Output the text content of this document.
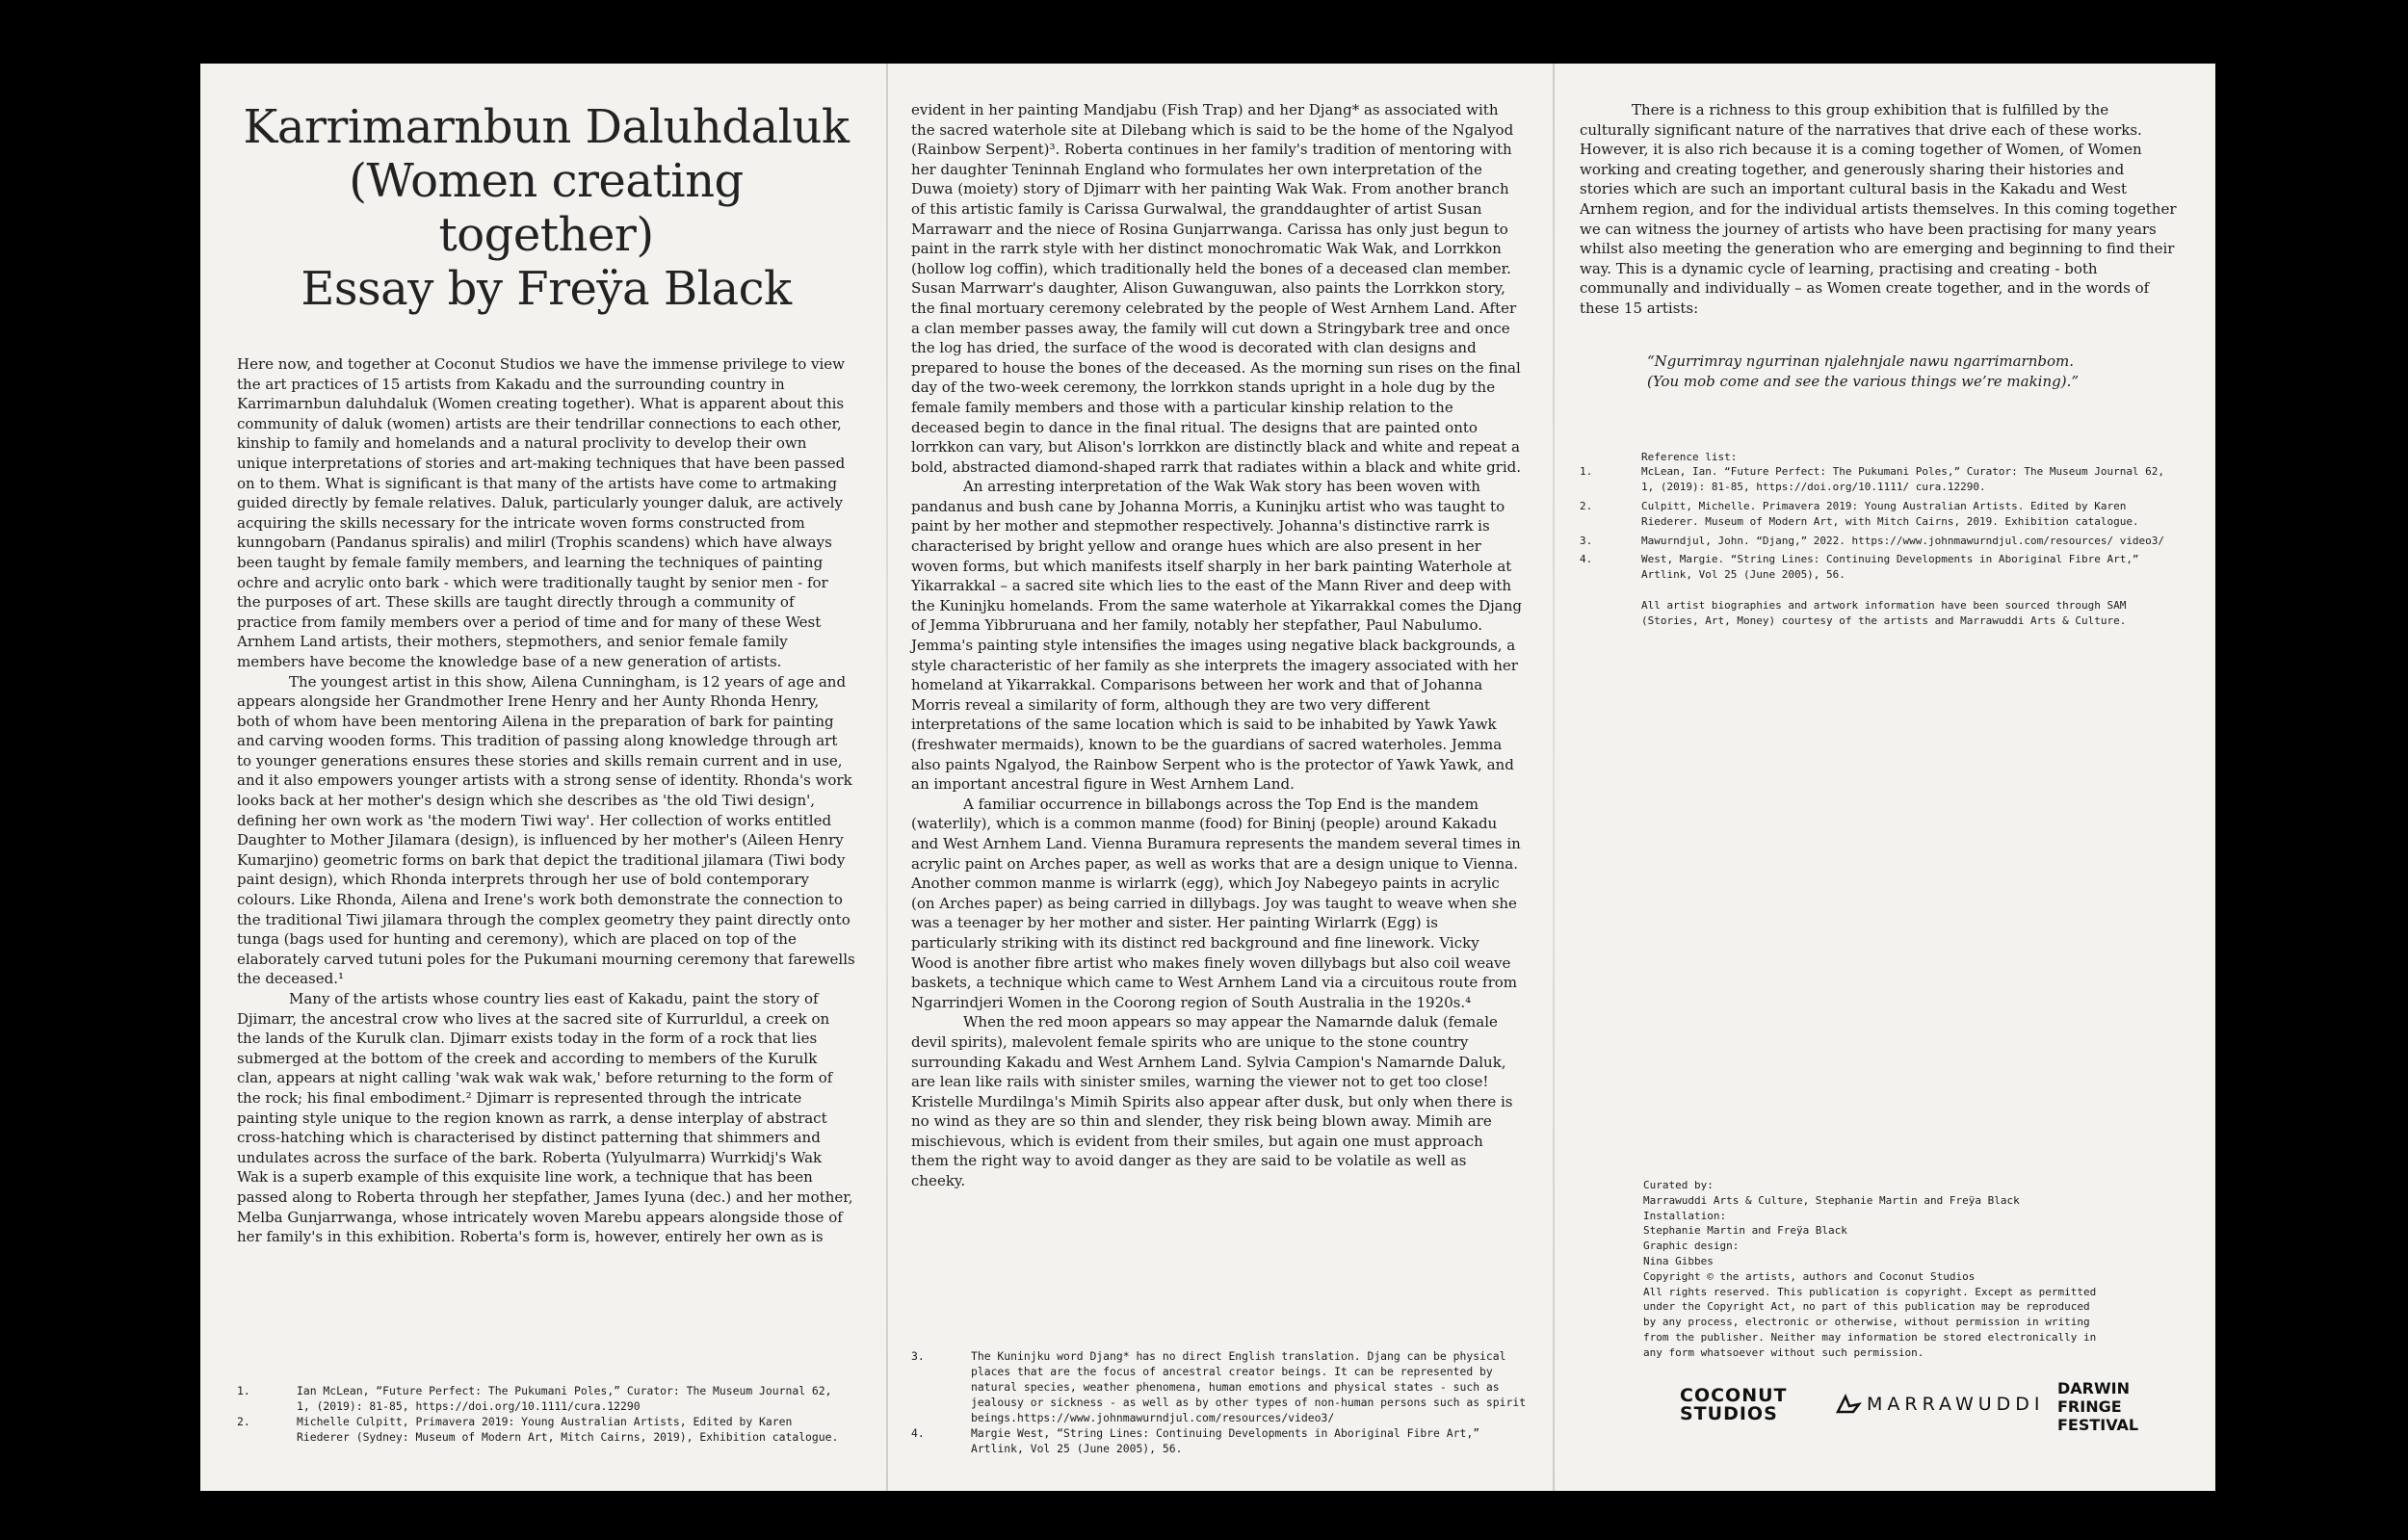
Karrimarnbun Daluhdaluk
(Women creating together)
Essay by Freÿa Black

Here now, and together at Coconut Studios we have the immense privilege to view the art practices of 15 artists from Kakadu and the surrounding country in Karrimarnbun daluhdaluk (Women creating together). What is apparent about this community of daluk (women) artists are their tendrillar connections to each other, kinship to family and homelands and a natural proclivity to develop their own unique interpretations of stories and art-making techniques that have been passed on to them. What is significant is that many of the artists have come to artmaking guided directly by female relatives. Daluk, particularly younger daluk, are actively acquiring the skills necessary for the intricate woven forms constructed from kunngobarn (Pandanus spiralis) and milirl (Trophis scandens) which have always been taught by female family members, and learning the techniques of painting ochre and acrylic onto bark - which were traditionally taught by senior men - for the purposes of art. These skills are taught directly through a community of practice from family members over a period of time and for many of these West Arnhem Land artists, their mothers, stepmothers, and senior female family members have become the knowledge base of a new generation of artists.

The youngest artist in this show, Ailena Cunningham, is 12 years of age and appears alongside her Grandmother Irene Henry and her Aunty Rhonda Henry, both of whom have been mentoring Ailena in the preparation of bark for painting and carving wooden forms. This tradition of passing along knowledge through art to younger generations ensures these stories and skills remain current and in use, and it also empowers younger artists with a strong sense of identity. Rhonda's work looks back at her mother's design which she describes as 'the old Tiwi design', defining her own work as 'the modern Tiwi way'. Her collection of works entitled Daughter to Mother Jilamara (design), is influenced by her mother's (Aileen Henry Kumarjino) geometric forms on bark that depict the traditional jilamara (Tiwi body paint design), which Rhonda interprets through her use of bold contemporary colours. Like Rhonda, Ailena and Irene's work both demonstrate the connection to the traditional Tiwi jilamara through the complex geometry they paint directly onto tunga (bags used for hunting and ceremony), which are placed on top of the elaborately carved tutuni poles for the Pukumani mourning ceremony that farewells the deceased.¹

Many of the artists whose country lies east of Kakadu, paint the story of Djimarr, the ancestral crow who lives at the sacred site of Kurrurldul, a creek on the lands of the Kurulk clan. Djimarr exists today in the form of a rock that lies submerged at the bottom of the creek and according to members of the Kurulk clan, appears at night calling 'wak wak wak wak,' before returning to the form of the rock; his final embodiment.² Djimarr is represented through the intricate painting style unique to the region known as rarrk, a dense interplay of abstract cross-hatching which is characterised by distinct patterning that shimmers and undulates across the surface of the bark. Roberta (Yulyulmarra) Wurrkidj's Wak Wak is a superb example of this exquisite line work, a technique that has been passed along to Roberta through her stepfather, James Iyuna (dec.) and her mother, Melba Gunjarrwanga, whose intricately woven Marebu appears alongside those of her family's in this exhibition. Roberta's form is, however, entirely her own as is

1.	Ian McLean, “Future Perfect: The Pukumani Poles,” Curator: The Museum Journal 62, 1, (2019): 81-85, https://doi.org/10.1111/cura.12290
2.	Michelle Culpitt, Primavera 2019: Young Australian Artists, Edited by Karen Riederer (Sydney: Museum of Modern Art, Mitch Cairns, 2019), Exhibition catalogue.

evident in her painting Mandjabu (Fish Trap) and her Djang* as associated with the sacred waterhole site at Dilebang which is said to be the home of the Ngalyod (Rainbow Serpent)³. Roberta continues in her family's tradition of mentoring with her daughter Teninnah England who formulates her own interpretation of the Duwa (moiety) story of Djimarr with her painting Wak Wak. From another branch of this artistic family is Carissa Gurwalwal, the granddaughter of artist Susan Marrawarr and the niece of Rosina Gunjarrwanga. Carissa has only just begun to paint in the rarrk style with her distinct monochromatic Wak Wak, and Lorrkkon (hollow log coffin), which traditionally held the bones of a deceased clan member. Susan Marrwarr's daughter, Alison Guwanguwan, also paints the Lorrkkon story, the final mortuary ceremony celebrated by the people of West Arnhem Land. After a clan member passes away, the family will cut down a Stringybark tree and once the log has dried, the surface of the wood is decorated with clan designs and prepared to house the bones of the deceased. As the morning sun rises on the final day of the two-week ceremony, the lorrkkon stands upright in a hole dug by the female family members and those with a particular kinship relation to the deceased begin to dance in the final ritual. The designs that are painted onto lorrkkon can vary, but Alison's lorrkkon are distinctly black and white and repeat a bold, abstracted diamond-shaped rarrk that radiates within a black and white grid.

An arresting interpretation of the Wak Wak story has been woven with pandanus and bush cane by Johanna Morris, a Kuninjku artist who was taught to paint by her mother and stepmother respectively. Johanna's distinctive rarrk is characterised by bright yellow and orange hues which are also present in her woven forms, but which manifests itself sharply in her bark painting Waterhole at Yikarrakkal – a sacred site which lies to the east of the Mann River and deep with the Kuninjku homelands. From the same waterhole at Yikarrakkal comes the Djang of Jemma Yibbruruana and her family, notably her stepfather, Paul Nabulumo. Jemma's painting style intensifies the images using negative black backgrounds, a style characteristic of her family as she interprets the imagery associated with her homeland at Yikarrakkal. Comparisons between her work and that of Johanna Morris reveal a similarity of form, although they are two very different interpretations of the same location which is said to be inhabited by Yawk Yawk (freshwater mermaids), known to be the guardians of sacred waterholes. Jemma also paints Ngalyod, the Rainbow Serpent who is the protector of Yawk Yawk, and an important ancestral figure in West Arnhem Land.

A familiar occurrence in billabongs across the Top End is the mandem (waterlily), which is a common manme (food) for Bininj (people) around Kakadu and West Arnhem Land. Vienna Buramura represents the mandem several times in acrylic paint on Arches paper, as well as works that are a design unique to Vienna. Another common manme is wirlarrk (egg), which Joy Nabegeyo paints in acrylic (on Arches paper) as being carried in dillybags. Joy was taught to weave when she was a teenager by her mother and sister. Her painting Wirlarrk (Egg) is particularly striking with its distinct red background and fine linework. Vicky Wood is another fibre artist who makes finely woven dillybags but also coil weave baskets, a technique which came to West Arnhem Land via a circuitous route from Ngarrindjeri Women in the Coorong region of South Australia in the 1920s.⁴

When the red moon appears so may appear the Namarnde daluk (female devil spirits), malevolent female spirits who are unique to the stone country surrounding Kakadu and West Arnhem Land. Sylvia Campion's Namarnde Daluk, are lean like rails with sinister smiles, warning the viewer not to get too close! Kristelle Murdilnga's Mimih Spirits also appear after dusk, but only when there is no wind as they are so thin and slender, they risk being blown away. Mimih are mischievous, which is evident from their smiles, but again one must approach them the right way to avoid danger as they are said to be volatile as well as cheeky.

3.	The Kuninjku word Djang* has no direct English translation. Djang can be physical places that are the focus of ancestral creator beings. It can be represented by natural species, weather phenomena, human emotions and physical states - such as jealousy or sickness - as well as by other types of non-human persons such as spirit beings.https://www.johnmawurndjul.com/resources/video3/
4.	Margie West, “String Lines: Continuing Developments in Aboriginal Fibre Art,” Artlink, Vol 25 (June 2005), 56.

There is a richness to this group exhibition that is fulfilled by the culturally significant nature of the narratives that drive each of these works. However, it is also rich because it is a coming together of Women, of Women working and creating together, and generously sharing their histories and stories which are such an important cultural basis in the Kakadu and West Arnhem region, and for the individual artists themselves. In this coming together we can witness the journey of artists who have been practising for many years whilst also meeting the generation who are emerging and beginning to find their way. This is a dynamic cycle of learning, practising and creating - both communally and individually – as Women create together, and in the words of these 15 artists:

“Ngurrimray ngurrinan njalehnjale nawu ngarrimarnbom.
(You mob come and see the various things we’re making).”
Reference list:
1.	McLean, Ian. “Future Perfect: The Pukumani Poles,” Curator: The Museum Journal 62, 1, (2019): 81-85, https://doi.org/10.1111/ cura.12290.
2.	Culpitt, Michelle. Primavera 2019: Young Australian Artists. Edited by Karen Riederer. Museum of Modern Art, with Mitch Cairns, 2019. Exhibition catalogue.
3.	Mawurndjul, John. “Djang,” 2022. https://www.johnmawurndjul.com/resources/ video3/
4.	West, Margie. “String Lines: Continuing Developments in Aboriginal Fibre Art,” Artlink, Vol 25 (June 2005), 56.
All artist biographies and artwork information have been sourced through SAM (Stories, Art, Money) courtesy of the artists and Marrawuddi Arts & Culture.
Curated by:
Marrawuddi Arts & Culture, Stephanie Martin and Freÿa Black
Installation:
Stephanie Martin and Freÿa Black
Graphic design:
Nina Gibbes
Copyright © the artists, authors and Coconut Studios
All rights reserved. This publication is copyright. Except as permitted
under the Copyright Act, no part of this publication may be reproduced
by any process, electronic or otherwise, without permission in writing
from the publisher. Neither may information be stored electronically in
any form whatsoever without such permission.
COCONUT
STUDIOS	MARRAWUDDI
DARWIN
FRINGE
FESTIVAL
